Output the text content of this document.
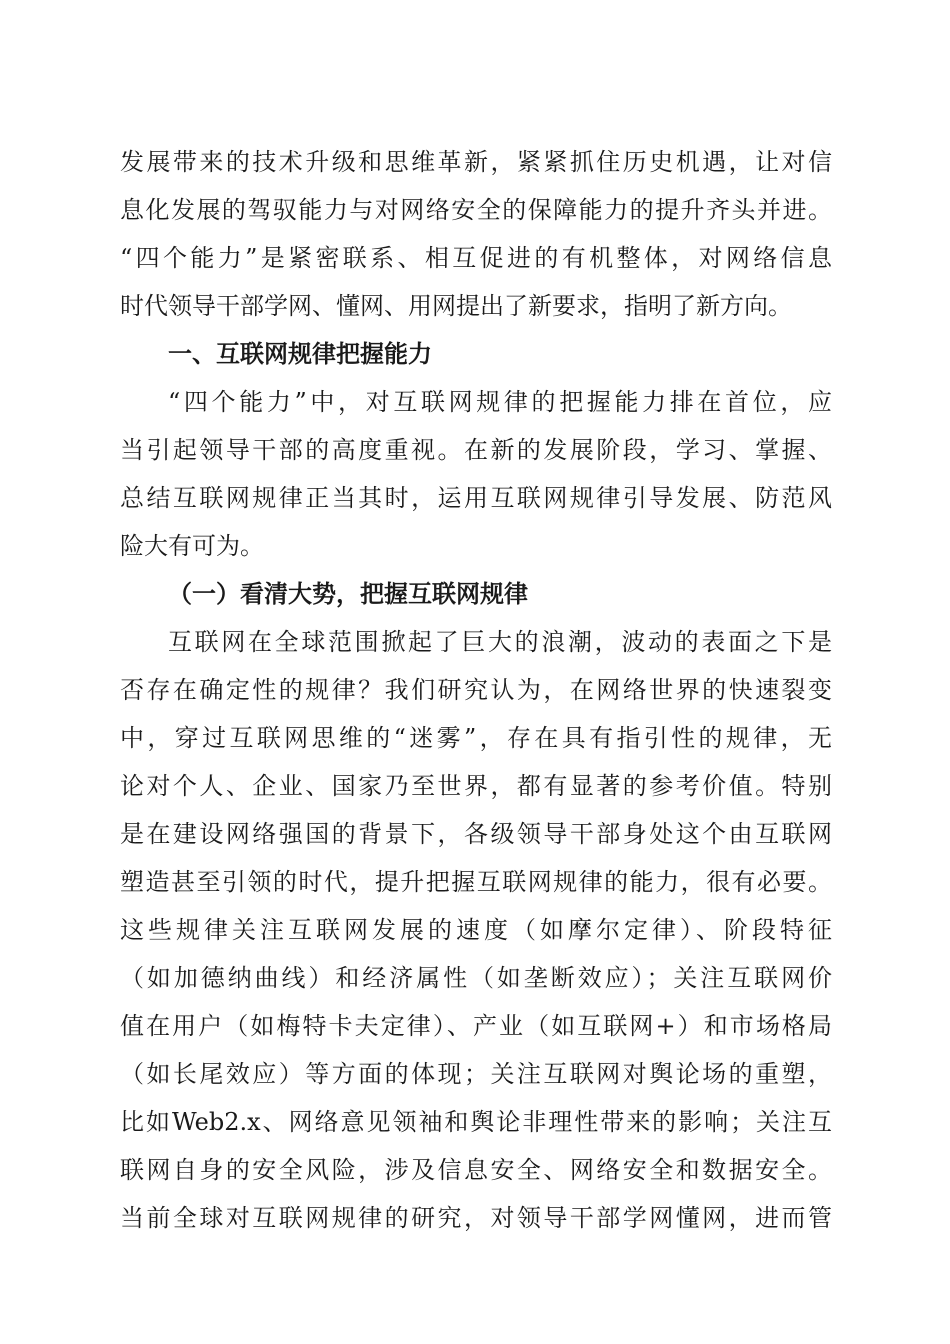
发展带来的技术升级和思维革新，紧紧抓住历史机遇，让对信
息化发展的驾驭能力与对网络安全的保障能力的提升齐头并进。
“四个能力”是紧密联系、相互促进的有机整体，对网络信息
时代领导干部学网、懂网、用网提出了新要求，指明了新方向。
一、互联网规律把握能力
“四个能力”中，对互联网规律的把握能力排在首位，应
当引起领导干部的高度重视。在新的发展阶段，学习、掌握、
总结互联网规律正当其时，运用互联网规律引导发展、防范风
险大有可为。
（一）看清大势，把握互联网规律
互联网在全球范围掀起了巨大的浪潮，波动的表面之下是
否存在确定性的规律？我们研究认为，在网络世界的快速裂变
中，穿过互联网思维的“迷雾”，存在具有指引性的规律，无
论对个人、企业、国家乃至世界，都有显著的参考价值。特别
是在建设网络强国的背景下，各级领导干部身处这个由互联网
塑造甚至引领的时代，提升把握互联网规律的能力，很有必要。
这些规律关注互联网发展的速度（如摩尔定律）、阶段特征
（如加德纳曲线）和经济属性（如垄断效应）；关注互联网价
值在用户（如梅特卡夫定律）、产业（如互联网+）和市场格局
（如长尾效应）等方面的体现；关注互联网对舆论场的重塑，
比如Web2.x、网络意见领袖和舆论非理性带来的影响；关注互
联网自身的安全风险，涉及信息安全、网络安全和数据安全。
当前全球对互联网规律的研究，对领导干部学网懂网，进而管
